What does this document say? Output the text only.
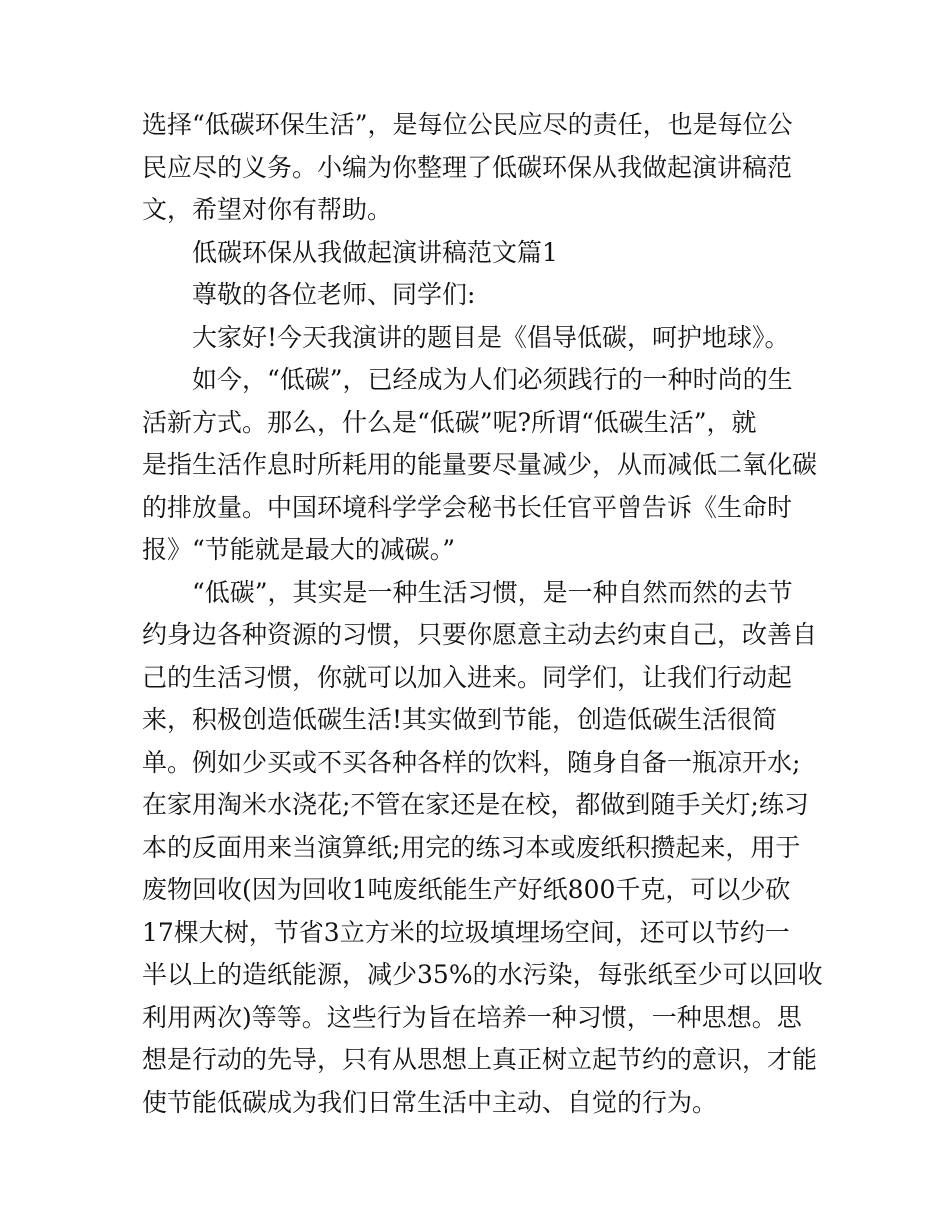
选择“低碳环保生活”，是每位公民应尽的责任，也是每位公
民应尽的义务。小编为你整理了低碳环保从我做起演讲稿范
文，希望对你有帮助。
低碳环保从我做起演讲稿范文篇1
尊敬的各位老师、同学们:
大家好!今天我演讲的题目是《倡导低碳，呵护地球》。
如今，“低碳”，已经成为人们必须践行的一种时尚的生
活新方式。那么，什么是“低碳”呢?所谓“低碳生活”，就
是指生活作息时所耗用的能量要尽量减少，从而减低二氧化碳
的排放量。中国环境科学学会秘书长任官平曾告诉《生命时
报》“节能就是最大的减碳。”
“低碳”，其实是一种生活习惯，是一种自然而然的去节
约身边各种资源的习惯，只要你愿意主动去约束自己，改善自
己的生活习惯，你就可以加入进来。同学们，让我们行动起
来，积极创造低碳生活!其实做到节能，创造低碳生活很简
单。例如少买或不买各种各样的饮料，随身自备一瓶凉开水;
在家用淘米水浇花;不管在家还是在校，都做到随手关灯;练习
本的反面用来当演算纸;用完的练习本或废纸积攒起来，用于
废物回收(因为回收1吨废纸能生产好纸800千克，可以少砍
17棵大树，节省3立方米的垃圾填埋场空间，还可以节约一
半以上的造纸能源，减少35%的水污染，每张纸至少可以回收
利用两次)等等。这些行为旨在培养一种习惯，一种思想。思
想是行动的先导，只有从思想上真正树立起节约的意识，才能
使节能低碳成为我们日常生活中主动、自觉的行为。
